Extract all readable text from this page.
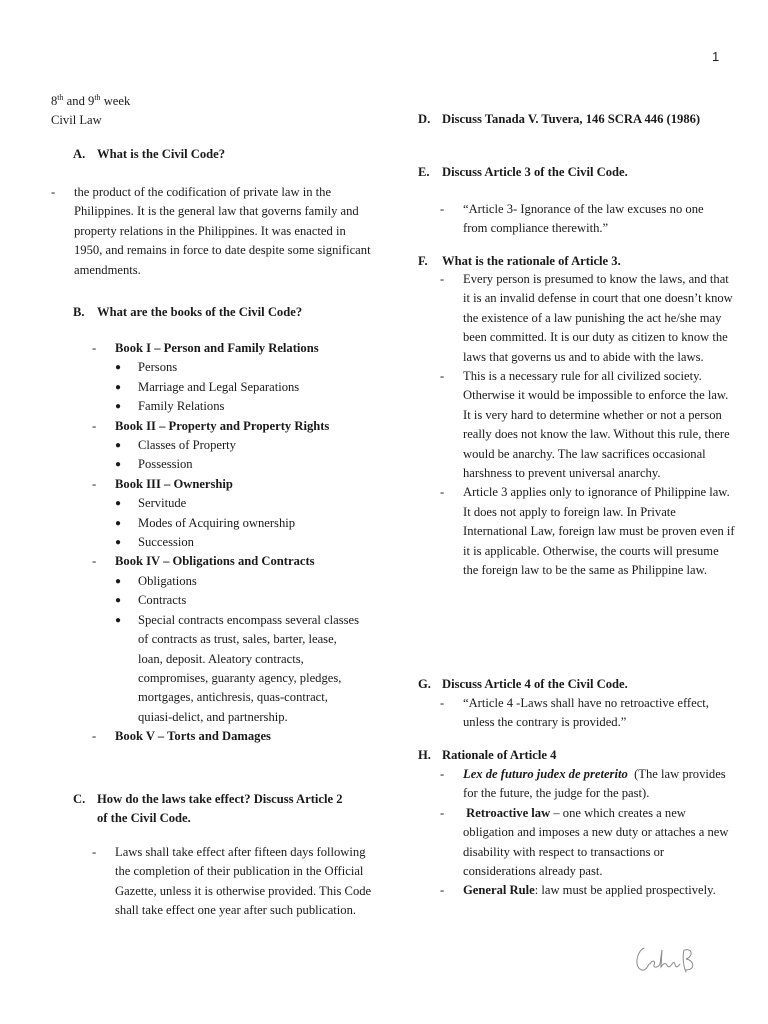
1
8th and 9th week
Civil Law
A. What is the Civil Code?
-	the product of the codification of private law in the Philippines. It is the general law that governs family and property relations in the Philippines. It was enacted in 1950, and remains in force to date despite some significant amendments.
B. What are the books of the Civil Code?
-	Book I – Person and Family Relations
●	Persons
●	Marriage and Legal Separations
●	Family Relations
-	Book II – Property and Property Rights
●	Classes of Property
●	Possession
-	Book III – Ownership
●	Servitude
●	Modes of Acquiring ownership
●	Succession
-	Book IV – Obligations and Contracts
●	Obligations
●	Contracts
●	Special contracts encompass several classes of contracts as trust, sales, barter, lease, loan, deposit. Aleatory contracts, compromises, guaranty agency, pledges, mortgages, antichresis, quas-contract, quiasi-delict, and partnership.
-	Book V – Torts and Damages
C. How do the laws take effect? Discuss Article 2 of the Civil Code.
-	Laws shall take effect after fifteen days following the completion of their publication in the Official Gazette, unless it is otherwise provided. This Code shall take effect one year after such publication.
D. Discuss Tanada V. Tuvera, 146 SCRA 446 (1986)
E. Discuss Article 3 of the Civil Code.
-	“Article 3- Ignorance of the law excuses no one from compliance therewith.”
F.	What is the rationale of Article 3.
-	Every person is presumed to know the laws, and that it is an invalid defense in court that one doesn’t know the existence of a law punishing the act he/she may been committed. It is our duty as citizen to know the laws that governs us and to abide with the laws.
-	This is a necessary rule for all civilized society. Otherwise it would be impossible to enforce the law. It is very hard to determine whether or not a person really does not know the law. Without this rule, there would be anarchy. The law sacrifices occasional harshness to prevent universal anarchy.
-	Article 3 applies only to ignorance of Philippine law. It does not apply to foreign law. In Private International Law, foreign law must be proven even if it is applicable. Otherwise, the courts will presume the foreign law to be the same as Philippine law.
G. Discuss Article 4 of the Civil Code.
-	“Article 4 -Laws shall have no retroactive effect, unless the contrary is provided.”
H. Rationale of Article 4
-	Lex de futuro judex de preterito  (The law provides for the future, the judge for the past).
-	Retroactive law – one which creates a new obligation and imposes a new duty or attaches a new disability with respect to transactions or considerations already past.
-	General Rule: law must be applied prospectively.
